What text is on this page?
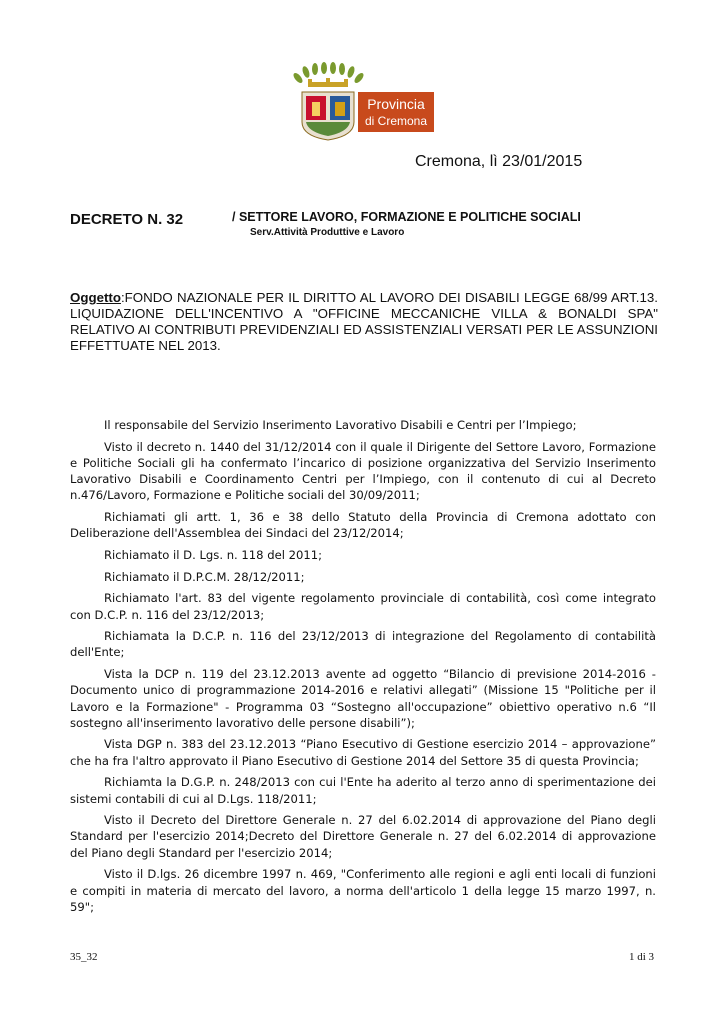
Provincia
di Cremona
Cremona, lì 23/01/2015
DECRETO N. 32	/ SETTORE LAVORO, FORMAZIONE E POLITICHE SOCIALI
Serv.Attività Produttive e Lavoro
Oggetto:FONDO NAZIONALE PER IL DIRITTO AL LAVORO DEI DISABILI LEGGE 68/99 ART.13. LIQUIDAZIONE DELL'INCENTIVO A "OFFICINE MECCANICHE VILLA & BONALDI SPA" RELATIVO AI CONTRIBUTI PREVIDENZIALI ED ASSISTENZIALI VERSATI PER LE ASSUNZIONI EFFETTUATE NEL 2013.

Il responsabile del Servizio Inserimento Lavorativo Disabili e Centri per l’Impiego;

Visto il decreto n. 1440 del 31/12/2014 con il quale il Dirigente del Settore Lavoro, Formazione e Politiche Sociali gli ha confermato l’incarico di posizione organizzativa del Servizio Inserimento Lavorativo Disabili e Coordinamento Centri per l’Impiego, con il contenuto di cui al Decreto n.476/Lavoro, Formazione e Politiche sociali del 30/09/2011;

Richiamati gli artt. 1, 36 e 38 dello Statuto della Provincia di Cremona adottato con Deliberazione dell'Assemblea dei Sindaci del 23/12/2014;

Richiamato il D. Lgs. n. 118 del 2011;

Richiamato il D.P.C.M. 28/12/2011;

Richiamato l'art. 83 del vigente regolamento provinciale di contabilità, così come integrato con D.C.P. n. 116 del 23/12/2013;

Richiamata la D.C.P. n. 116 del 23/12/2013 di integrazione del Regolamento di contabilità dell'Ente;

Vista la DCP n. 119 del 23.12.2013 avente ad oggetto “Bilancio di previsione 2014-2016 - Documento unico di programmazione 2014-2016 e relativi allegati” (Missione 15 "Politiche per il Lavoro e la Formazione" - Programma 03 “Sostegno all'occupazione” obiettivo operativo n.6 “Il sostegno all'inserimento lavorativo delle persone disabili”);

Vista DGP n. 383 del 23.12.2013 “Piano Esecutivo di Gestione esercizio 2014 – approvazione” che ha fra l'altro approvato il Piano Esecutivo di Gestione 2014 del Settore 35 di questa Provincia;

Richiamta la D.G.P. n. 248/2013 con cui l'Ente ha aderito al terzo anno di sperimentazione dei sistemi contabili di cui al D.Lgs. 118/2011;

Visto il Decreto del Direttore Generale n. 27 del 6.02.2014 di approvazione del Piano degli Standard per l'esercizio 2014;Decreto del Direttore Generale n. 27 del 6.02.2014 di approvazione del Piano degli Standard per l'esercizio 2014;

Visto il D.lgs. 26 dicembre 1997 n. 469, "Conferimento alle regioni e agli enti locali di funzioni e compiti in materia di mercato del lavoro, a norma dell'articolo 1 della legge 15 marzo 1997, n. 59";

35_32	1 di 3
